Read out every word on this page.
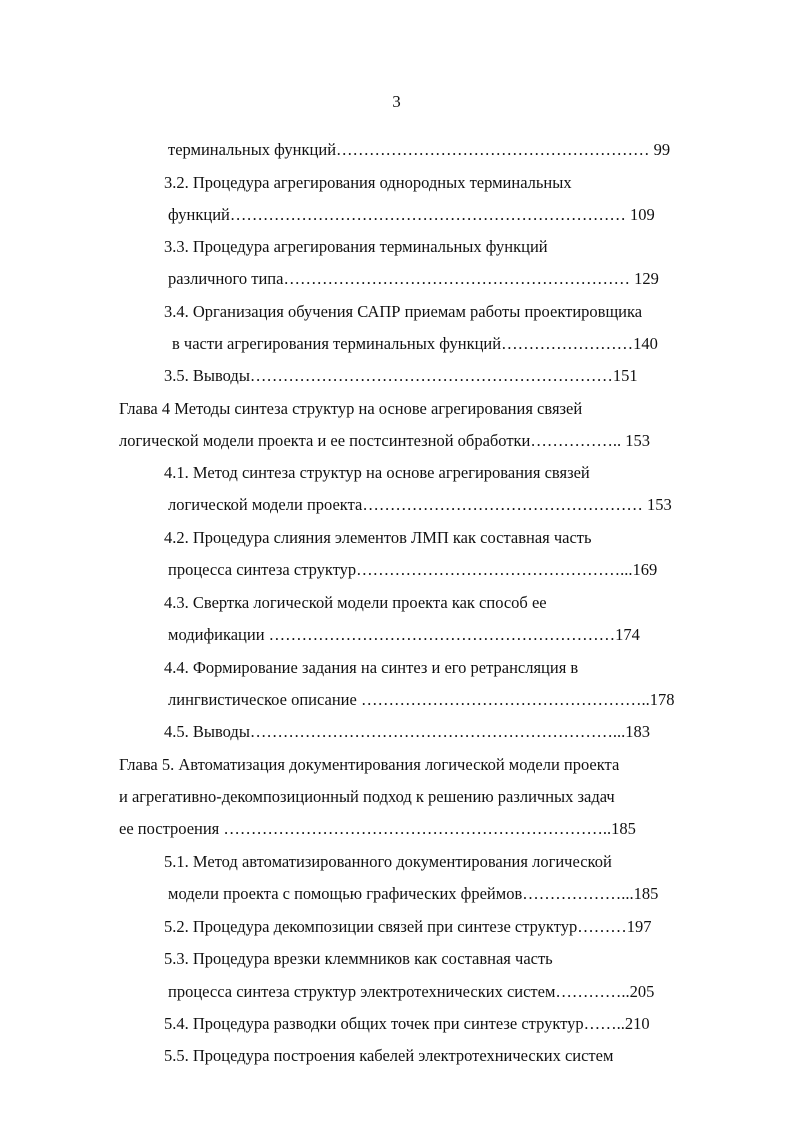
3
терминальных функций………………………………………………… 99
3.2. Процедура агрегирования однородных терминальных
функций……………………………………………………………… 109
3.3. Процедура агрегирования терминальных функций
различного типа……………………………………………………… 129
3.4. Организация обучения САПР приемам работы проектировщика
в части агрегирования терминальных функций……………………140
3.5. Выводы…………………………………………………………151
Глава 4 Методы синтеза структур на основе агрегирования связей
логической модели проекта и ее постсинтезной обработки…………….. 153
4.1. Метод синтеза структур на основе агрегирования связей
логической модели проекта…………………………………………… 153
4.2. Процедура слияния элементов ЛМП как составная часть
процесса синтеза структур…………………………………………...169
4.3. Свертка логической модели проекта как способ ее
модификации ………………………………………………………174
4.4. Формирование задания на синтез и его ретрансляция в
лингвистическое описание ……………………………………………..178
4.5. Выводы…………………………………………………………...183
Глава 5. Автоматизация документирования логической модели проекта
и агрегативно-декомпозиционный подход к решению различных задач
ее построения ……………………………………………………………..185
5.1. Метод автоматизированного документирования логической
модели проекта с помощью графических фреймов………………...185
5.2. Процедура декомпозиции связей при синтезе структур………197
5.3. Процедура врезки клеммников как составная часть
процесса синтеза структур электротехнических систем…………..205
5.4. Процедура разводки общих точек при синтезе структур……..210
5.5. Процедура построения кабелей электротехнических систем
